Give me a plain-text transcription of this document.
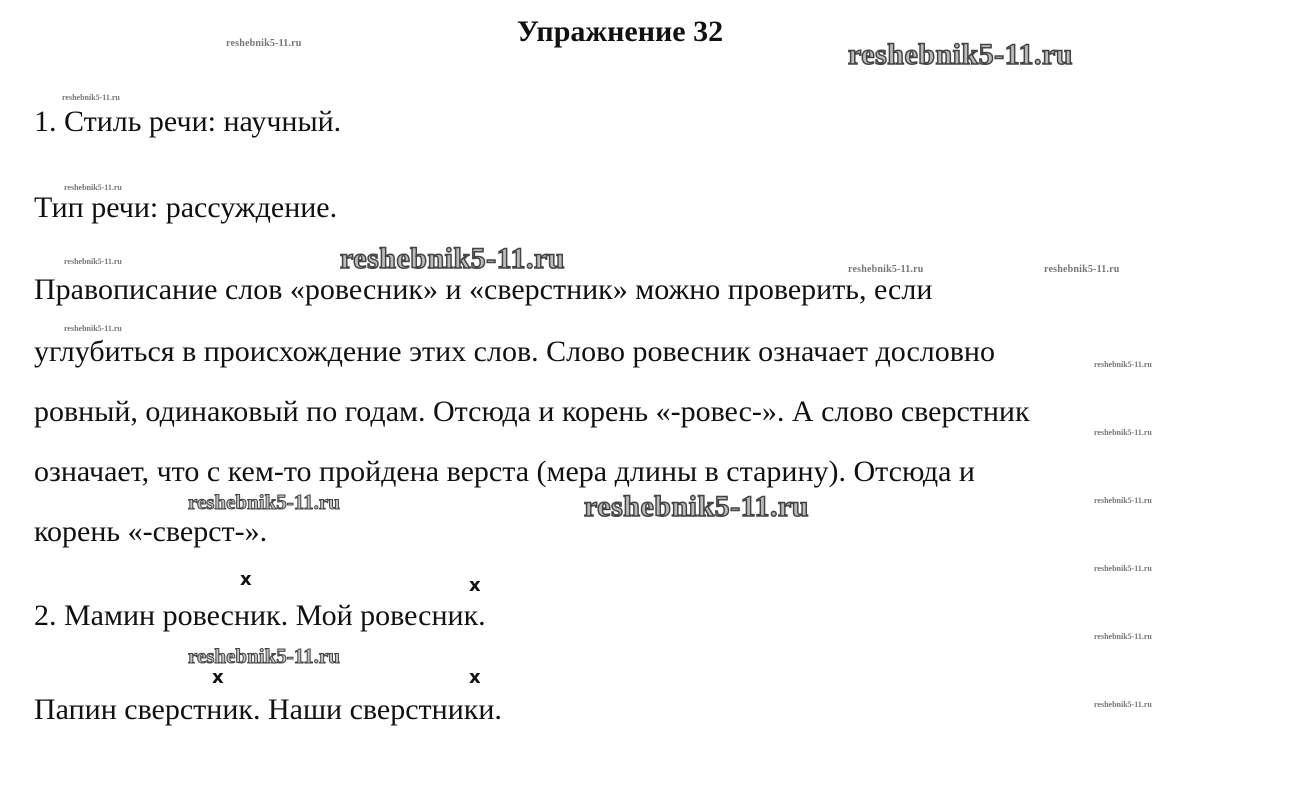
Упражнение 32
1. Стиль речи: научный.
Тип речи: рассуждение.
Правописание слов «ровесник» и «сверстник» можно проверить, если
углубиться в происхождение этих слов. Слово ровесник означает дословно
ровный, одинаковый по годам. Отсюда и корень «-ровес-». А слово сверстник
означает, что с кем-то пройдена верста (мера длины в старину). Отсюда и
корень «-сверст-».
2. Мамин ровесник. Мой ровесник.
Папин сверстник. Наши сверстники.
х	х
х	х
reshebnik5-11.ru	reshebnik5-11.ru
reshebnik5-11.ru
reshebnik5-11.ru
reshebnik5-11.ru	reshebnik5-11.ru	reshebnik5-11.ru	reshebnik5-11.ru
reshebnik5-11.ru
reshebnik5-11.ru
reshebnik5-11.ru
reshebnik5-11.ru
reshebnik5-11.ru	reshebnik5-11.ru
reshebnik5-11.ru
reshebnik5-11.ru
reshebnik5-11.ru
reshebnik5-11.ru
